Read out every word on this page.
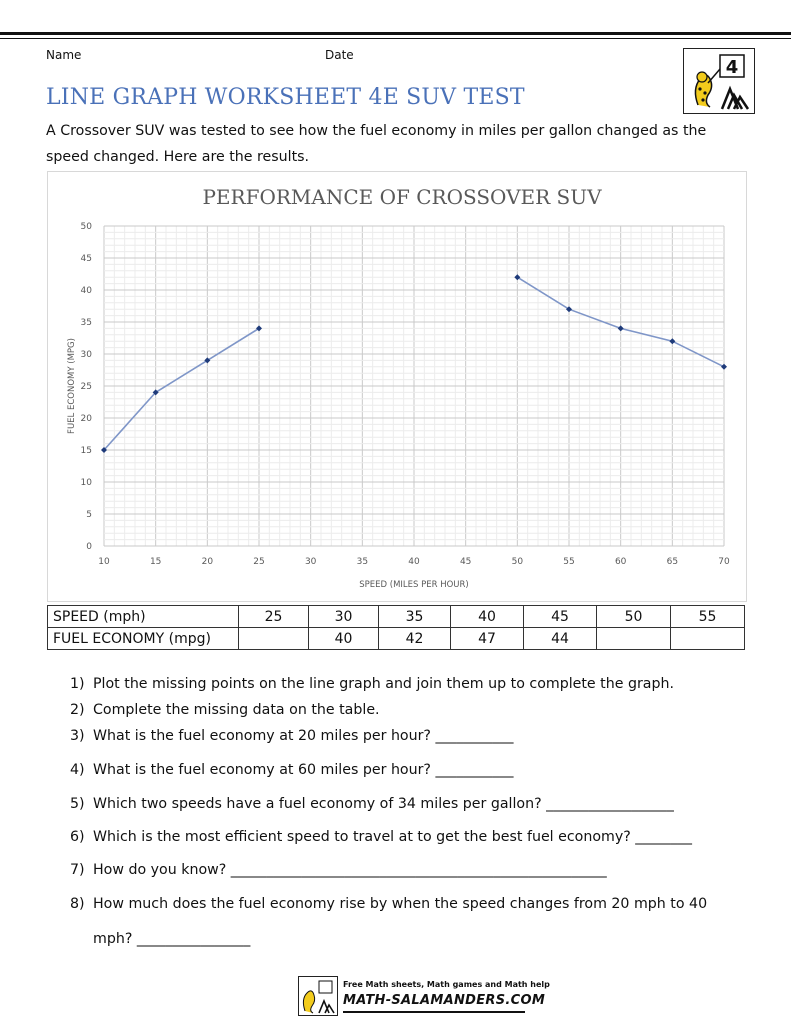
Name	Date
4
LINE GRAPH WORKSHEET 4E SUV TEST
A Crossover SUV was tested to see how the fuel economy in miles per gallon changed as the speed changed. Here are the results.
PERFORMANCE OF CROSSOVER SUV
0
5
10
15
20
25
30
35
40
45
50
10	15	20	25	30	35	40	45	50	55	60	65	70
SPEED (MILES PER HOUR)
FUEL ECONOMY (MPG)
SPEED (mph)	25	30	35	40	45	50	55
FUEL ECONOMY (mpg)		40	42	47	44		
1) Plot the missing points on the line graph and join them up to complete the graph.
2) Complete the missing data on the table.
3) What is the fuel economy at 20 miles per hour? ___________
4) What is the fuel economy at 60 miles per hour? ___________
5) Which two speeds have a fuel economy of 34 miles per gallon? __________________
6) Which is the most efficient speed to travel at to get the best fuel economy? ________
7) How do you know? _____________________________________________________
8) How much does the fuel economy rise by when the speed changes from 20 mph to 40
mph? ________________
Free Math sheets, Math games and Math help
MATH-SALAMANDERS.COM
